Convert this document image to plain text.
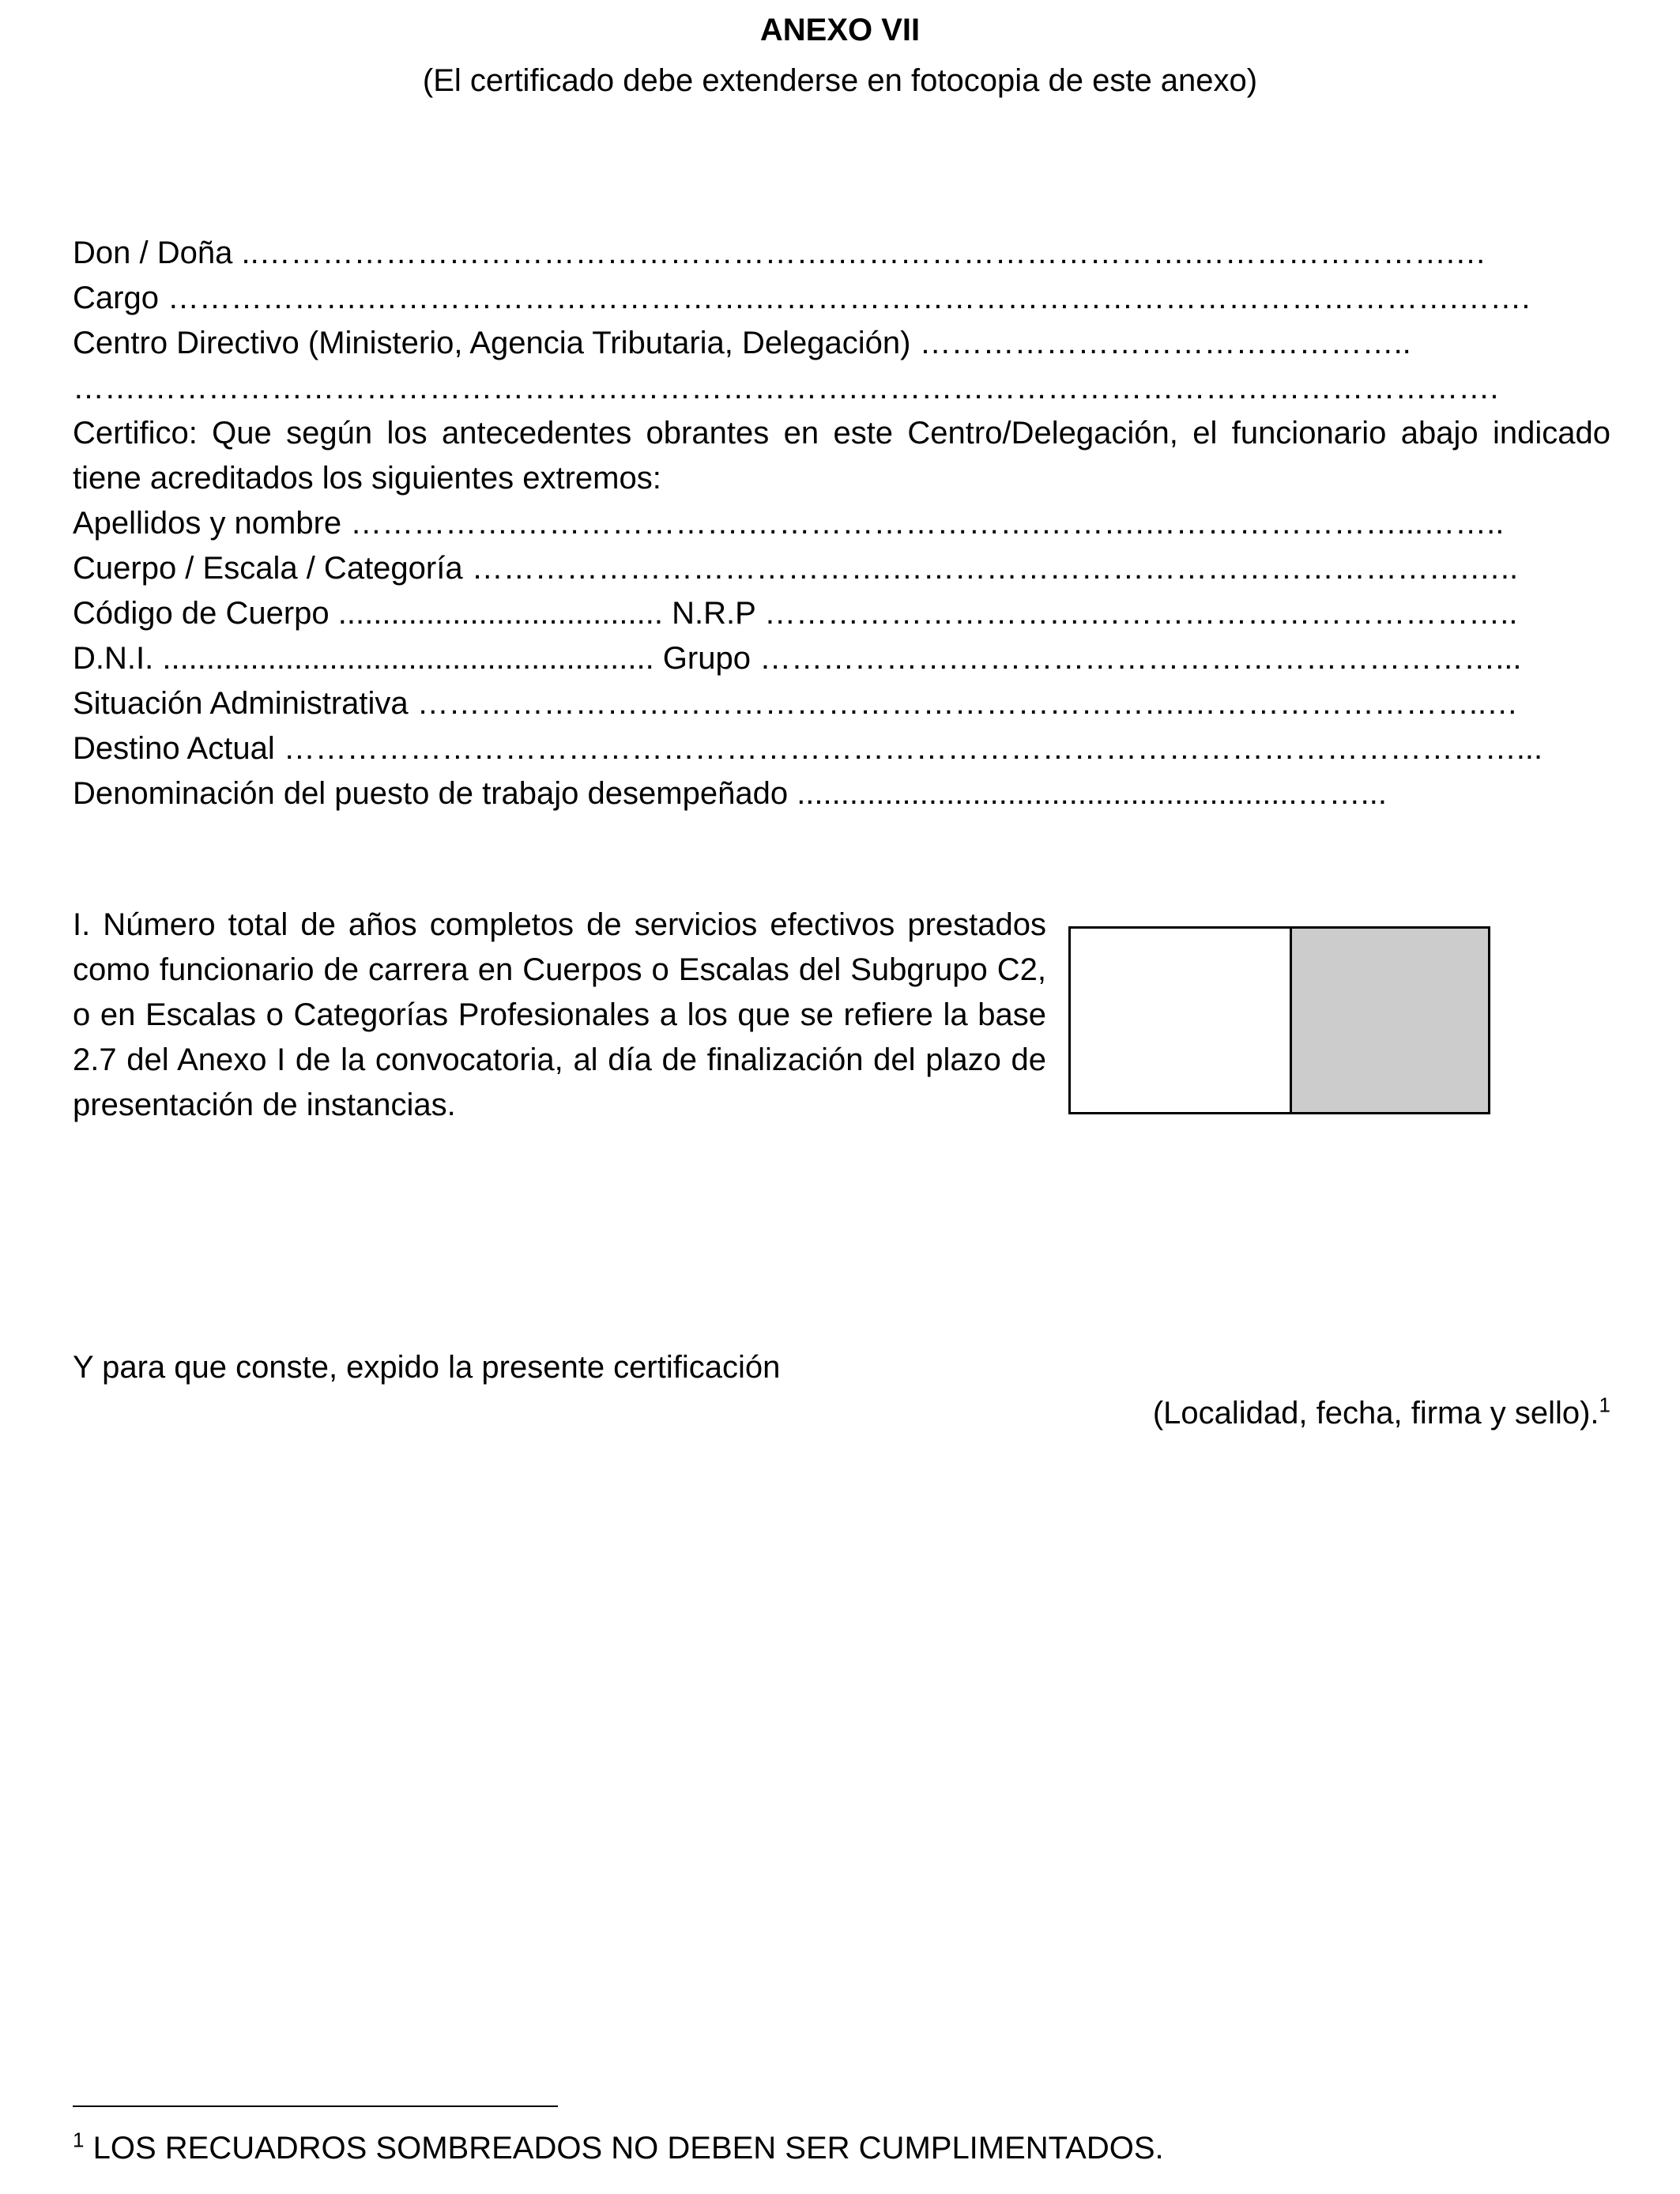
ANEXO VII
(El certificado debe extenderse en fotocopia de este anexo)
Don / Doña ..……………………………………………….…………………………….…………………….…
Cargo ……………….……………………………….………………………………………………………….…….
Centro Directivo (Ministerio, Agencia Tributaria, Delegación) ………………………………………..
…….……………………………………….………………….…………………………………………………….
Certifico: Que según los antecedentes obrantes en este Centro/Delegación, el funcionario abajo indicado tiene acreditados los siguientes extremos:
Apellidos y nombre …………….………………….……………………….……….……………………...……..
Cuerpo / Escala / Categoría ………………………………….……………………………………………….…..
Código de Cuerpo ..................................... N.R.P ………………………….…………………………………..
D.N.I. ........................................................ Grupo ……………….……………………………………………...
Situación Administrativa ……………………………………………………………….………………………..…
Destino Actual ………………………………………………………………………………………………………...
Denominación del puesto de trabajo desempeñado .........................................................……...
I. Número total de años completos de servicios efectivos prestados como funcionario de carrera en Cuerpos o Escalas del Subgrupo C2, o en Escalas o Categorías Profesionales a los que se refiere la base 2.7 del Anexo I de la convocatoria, al día de finalización del plazo de presentación de instancias.
Y para que conste, expido la presente certificación
(Localidad, fecha, firma y sello).$^1$
$^1$ LOS RECUADROS SOMBREADOS NO DEBEN SER CUMPLIMENTADOS.
